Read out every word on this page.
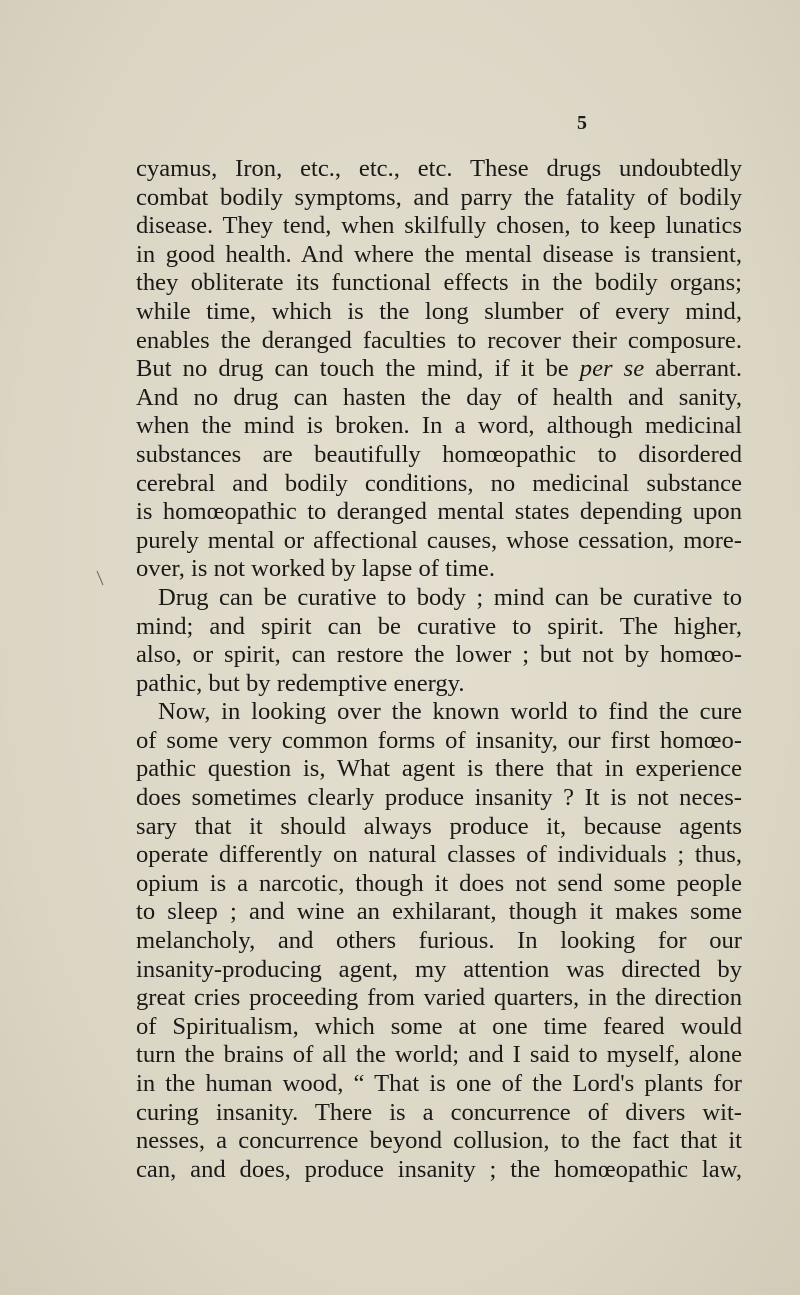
5
cyamus, Iron, etc., etc., etc. These drugs undoubtedly
combat bodily symptoms, and parry the fatality of bodily
disease. They tend, when skilfully chosen, to keep lunatics
in good health. And where the mental disease is transient,
they obliterate its functional effects in the bodily organs;
while time, which is the long slumber of every mind,
enables the deranged faculties to recover their composure.
But no drug can touch the mind, if it be per se aberrant.
And no drug can hasten the day of health and sanity,
when the mind is broken. In a word, although medicinal
substances are beautifully homœopathic to disordered
cerebral and bodily conditions, no medicinal substance
is homœopathic to deranged mental states depending upon
purely mental or affectional causes, whose cessation, more-
over, is not worked by lapse of time.
Drug can be curative to body ; mind can be curative to
mind; and spirit can be curative to spirit. The higher,
also, or spirit, can restore the lower ; but not by homœo-
pathic, but by redemptive energy.
Now, in looking over the known world to find the cure
of some very common forms of insanity, our first homœo-
pathic question is, What agent is there that in experience
does sometimes clearly produce insanity ? It is not neces-
sary that it should always produce it, because agents
operate differently on natural classes of individuals ; thus,
opium is a narcotic, though it does not send some people
to sleep ; and wine an exhilarant, though it makes some
melancholy, and others furious. In looking for our
insanity-producing agent, my attention was directed by
great cries proceeding from varied quarters, in the direction
of Spiritualism, which some at one time feared would
turn the brains of all the world; and I said to myself, alone
in the human wood, “ That is one of the Lord's plants for
curing insanity. There is a concurrence of divers wit-
nesses, a concurrence beyond collusion, to the fact that it
can, and does, produce insanity ; the homœopathic law,
